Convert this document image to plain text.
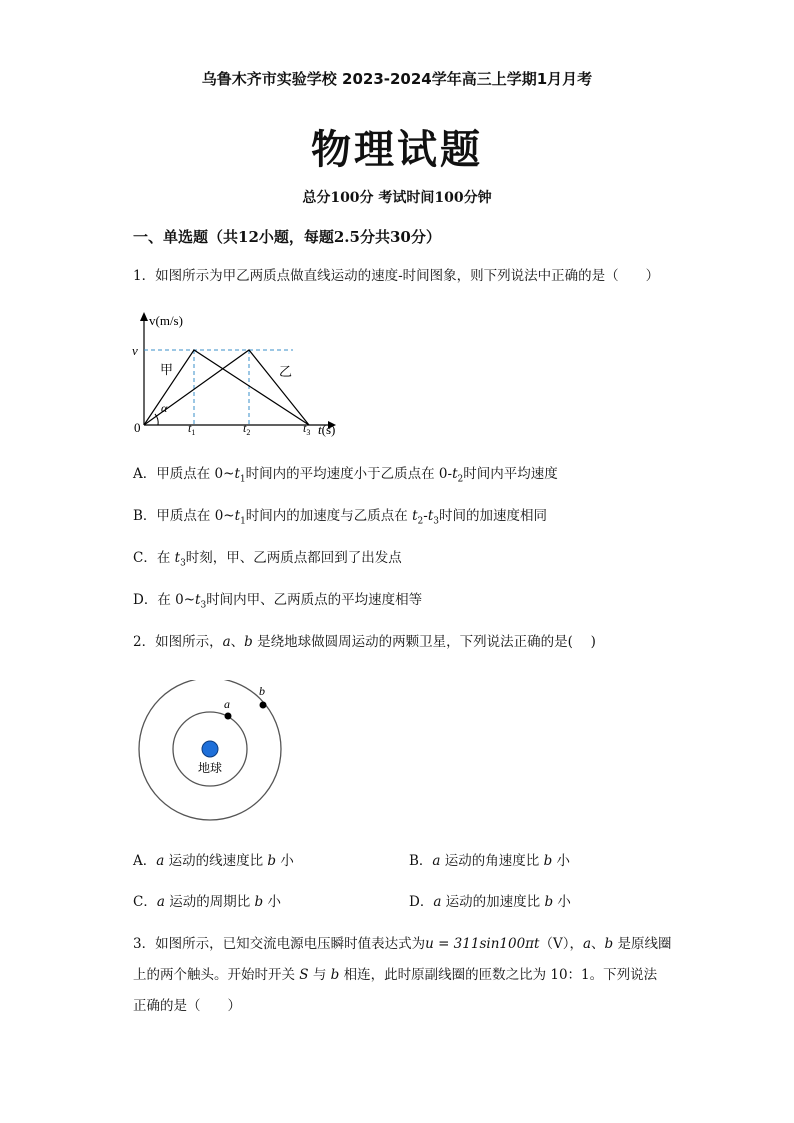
乌鲁木齐市实验学校 2023-2024学年高三上学期1月月考
物理试题
总分100分 考试时间100分钟
一、单选题（共12小题，每题2.5分共30分）
1．如图所示为甲乙两质点做直线运动的速度-时间图象，则下列说法中正确的是（　　）
v(m/s)
v
0
甲	乙
α
$t_1$	$t_2$	$t_3$ t(s)
A．甲质点在 $0\sim t_1$时间内的平均速度小于乙质点在 $0-t_2$时间内平均速度
B．甲质点在 $0\sim t_1$时间内的加速度与乙质点在 $t_2-t_3$时间的加速度相同
C．在 $t_3$时刻，甲、乙两质点都回到了出发点
D．在 $0\sim t_3$时间内甲、乙两质点的平均速度相等
2．如图所示，a、b 是绕地球做圆周运动的两颗卫星，下列说法正确的是(　 )
a
b
地球
A．a 运动的线速度比 b 小	B．a 运动的角速度比 b 小
C．a 运动的周期比 b 小	D．a 运动的加速度比 b 小
3．如图所示，已知交流电源电压瞬时值表达式为u = 311sin100πt（V），a、b 是原线圈
上的两个触头。开始时开关 S 与 b 相连，此时原副线圈的匝数之比为 10：1。下列说法
正确的是（　　）
